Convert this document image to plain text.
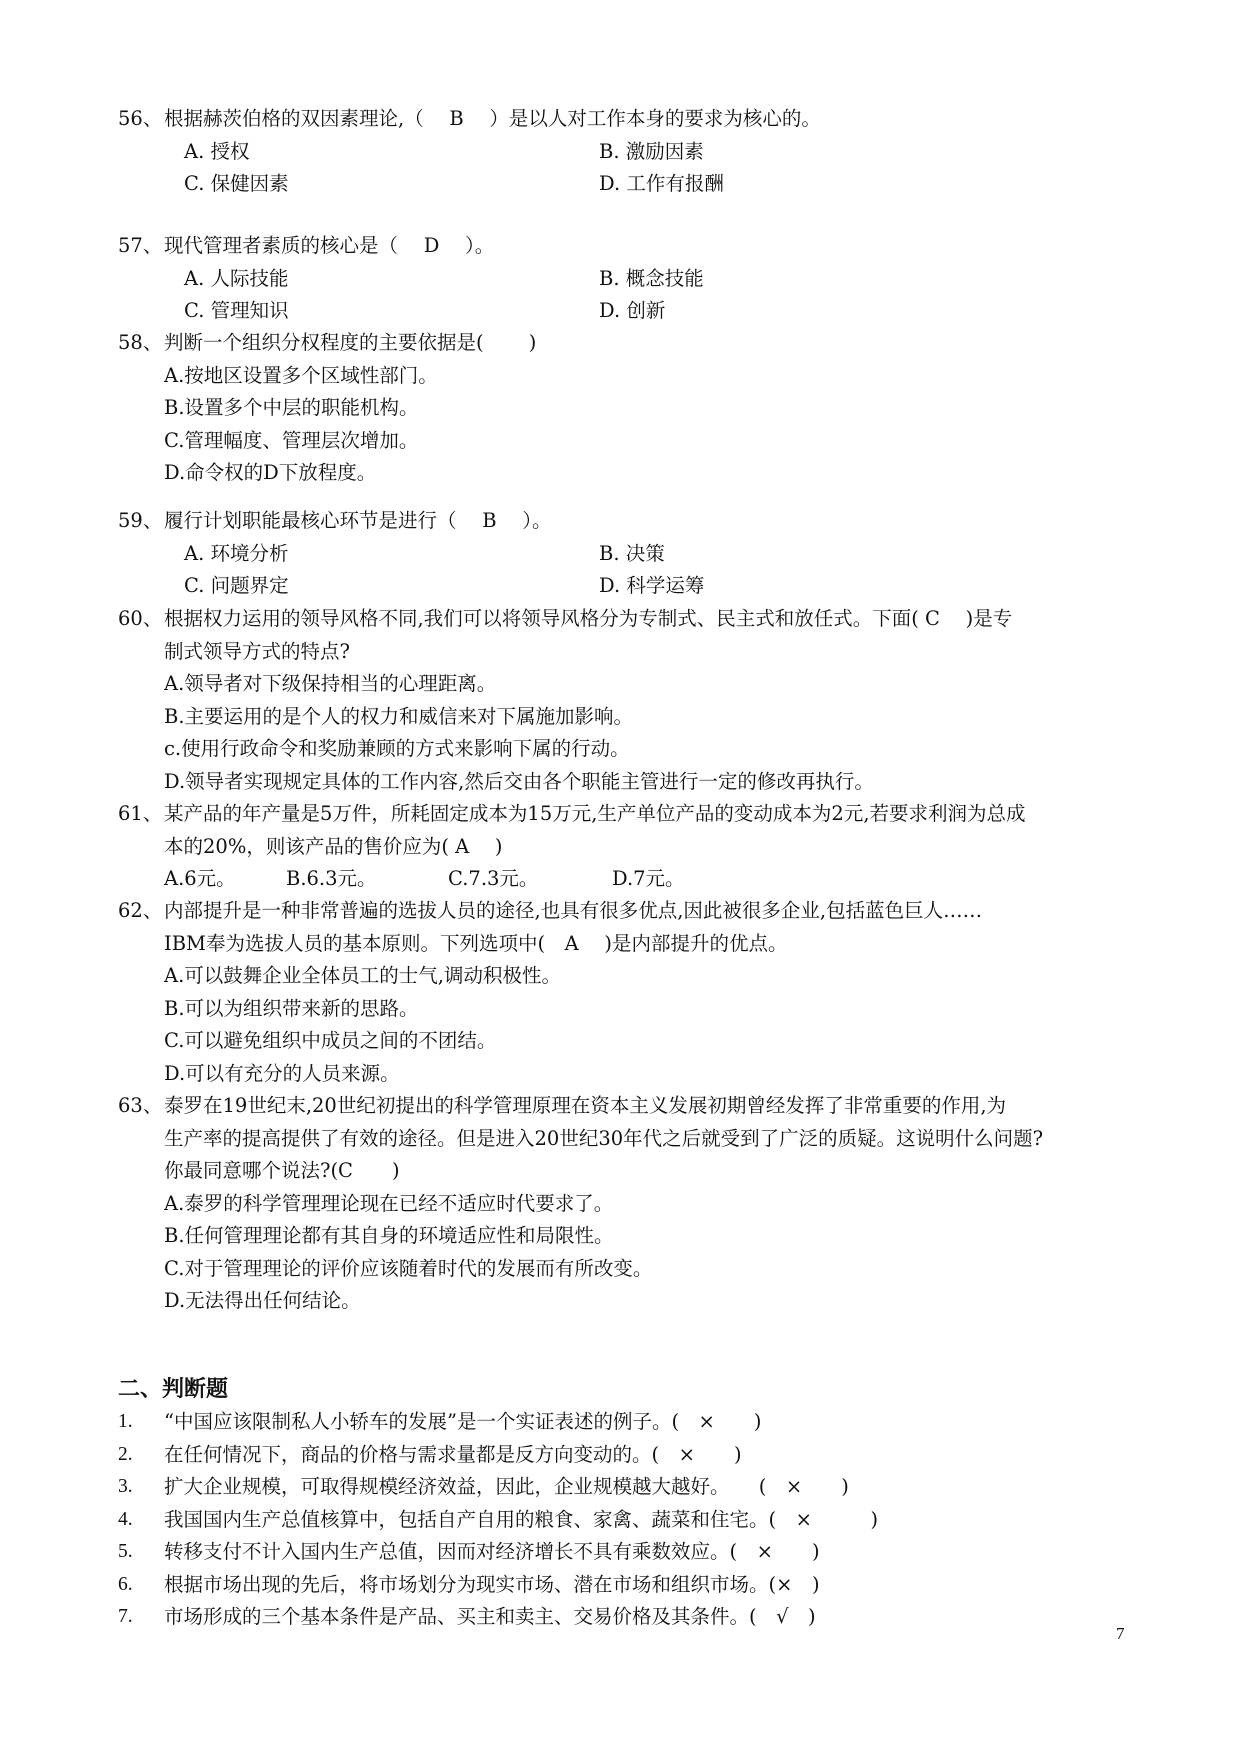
56、 根据赫茨伯格的双因素理论,（　 B　 ）是以人对工作本身的要求为核心的。
A. 授权	B. 激励因素
C. 保健因素	D. 工作有报酬
57、 现代管理者素质的核心是（　 D　 ）。
A. 人际技能	B. 概念技能
C. 管理知识	D. 创新
58、 判断一个组织分权程度的主要依据是(　　 )
A.按地区设置多个区域性部门。
B.设置多个中层的职能机构。
C.管理幅度、管理层次增加。
D.命令权的D下放程度。
59、 履行计划职能最核心环节是进行（　 B　 ）。
A. 环境分析	B. 决策
C. 问题界定	D. 科学运筹
60、 根据权力运用的领导风格不同,我们可以将领导风格分为专制式、民主式和放任式。下面( C　 )是专
制式领导方式的特点?
A.领导者对下级保持相当的心理距离。
B.主要运用的是个人的权力和威信来对下属施加影响。
c.使用行政命令和奖励兼顾的方式来影响下属的行动。
D.领导者实现规定具体的工作内容,然后交由各个职能主管进行一定的修改再执行。
61、 某产品的年产量是5万件，所耗固定成本为15万元,生产单位产品的变动成本为2元,若要求利润为总成
本的20%，则该产品的售价应为( A　 )
A.6元。	B.6.3元。	C.7.3元。	D.7元。
62、 内部提升是一种非常普遍的选拔人员的途径,也具有很多优点,因此被很多企业,包括蓝色巨人……
IBM奉为选拔人员的基本原则。下列选项中(　A　 )是内部提升的优点。
A.可以鼓舞企业全体员工的士气,调动积极性。
B.可以为组织带来新的思路。
C.可以避免组织中成员之间的不团结。
D.可以有充分的人员来源。
63、 泰罗在19世纪末,20世纪初提出的科学管理原理在资本主义发展初期曾经发挥了非常重要的作用,为
生产率的提高提供了有效的途径。但是进入20世纪30年代之后就受到了广泛的质疑。这说明什么问题?
你最同意哪个说法?(C　　)
A.泰罗的科学管理理论现在已经不适应时代要求了。
B.任何管理理论都有其自身的环境适应性和局限性。
C.对于管理理论的评价应该随着时代的发展而有所改变。
D.无法得出任何结论。
二、判断题
1.	“中国应该限制私人小轿车的发展”是一个实证表述的例子。(　×　　)
2.	在任何情况下，商品的价格与需求量都是反方向变动的。(　×　　)
3.	扩大企业规模，可取得规模经济效益，因此，企业规模越大越好。　　(　×　　)
4.	我国国内生产总值核算中，包括自产自用的粮食、家禽、蔬菜和住宅。(　×　　　)
5.	转移支付不计入国内生产总值，因而对经济增长不具有乘数效应。(　×　　)
6.	根据市场出现的先后，将市场划分为现实市场、潜在市场和组织市场。(×　)
7.	市场形成的三个基本条件是产品、买主和卖主、交易价格及其条件。(　√　)
7
